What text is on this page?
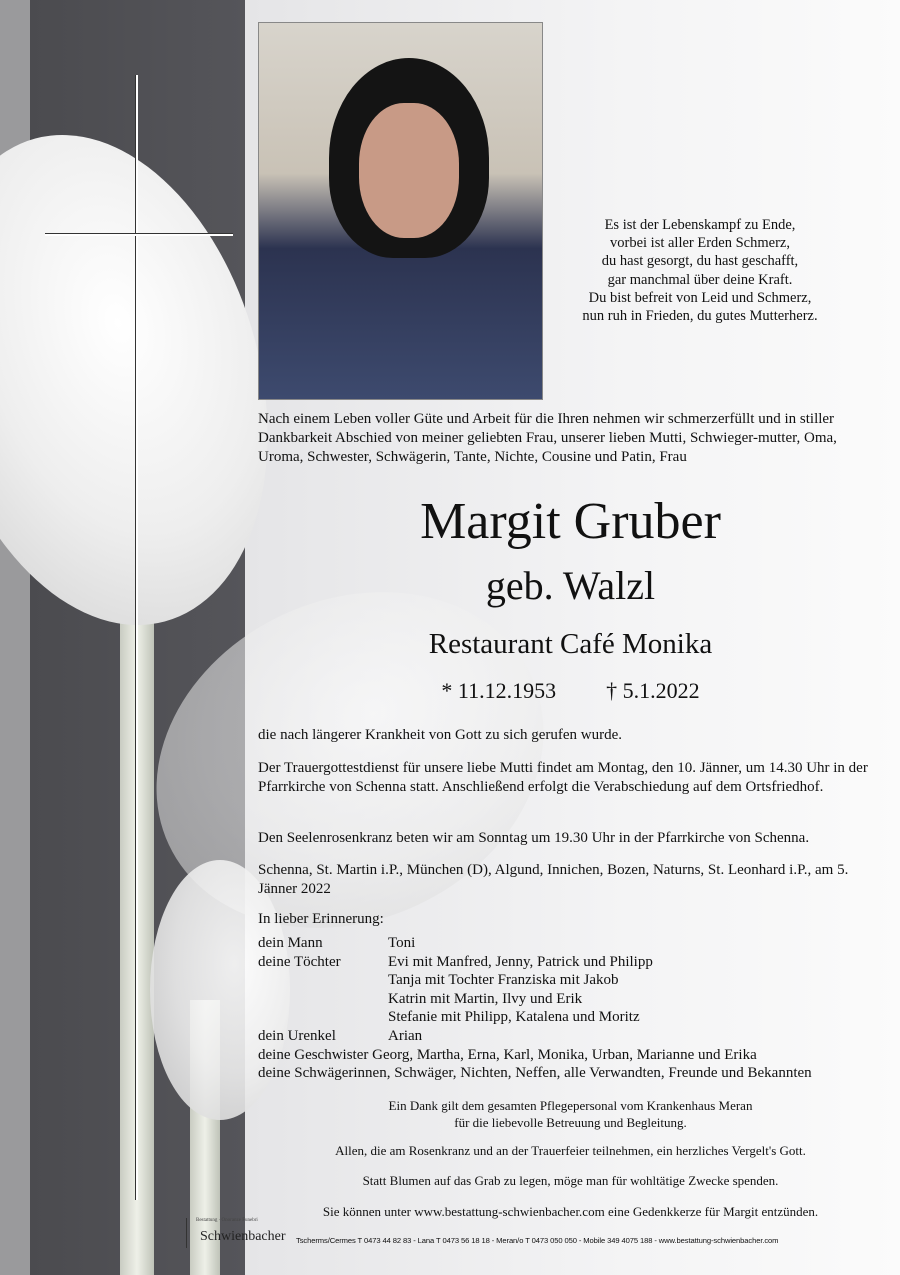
Es ist der Lebenskampf zu Ende,
vorbei ist aller Erden Schmerz,
du hast gesorgt, du hast geschafft,
gar manchmal über deine Kraft.
Du bist befreit von Leid und Schmerz,
nun ruh in Frieden, du gutes Mutterherz.
Nach einem Leben voller Güte und Arbeit für die Ihren nehmen wir schmerzerfüllt und in stiller Dankbarkeit Abschied von meiner geliebten Frau, unserer lieben Mutti, Schwieger-mutter, Oma, Uroma, Schwester, Schwägerin, Tante, Nichte, Cousine und Patin, Frau
Margit Gruber
geb. Walzl
Restaurant Café Monika
* 11.12.1953 † 5.1.2022
die nach längerer Krankheit von Gott zu sich gerufen wurde.
Der Trauergottestdienst für unsere liebe Mutti findet am Montag, den 10. Jänner, um 14.30 Uhr in der Pfarrkirche von Schenna statt. Anschließend erfolgt die Verabschiedung auf dem Ortsfriedhof.
Den Seelenrosenkranz beten wir am Sonntag um 19.30 Uhr in der Pfarrkirche von Schenna.
Schenna, St. Martin i.P., München (D), Algund, Innichen, Bozen, Naturns, St. Leonhard i.P., am 5. Jänner 2022
In lieber Erinnerung:
dein Mann	Toni
deine Töchter	Evi mit Manfred, Jenny, Patrick und Philipp
Tanja mit Tochter Franziska mit Jakob
Katrin mit Martin, Ilvy und Erik
Stefanie mit Philipp, Katalena und Moritz
dein Urenkel	Arian
deine Geschwister Georg, Martha, Erna, Karl, Monika, Urban, Marianne und Erika
deine Schwägerinnen, Schwäger, Nichten, Neffen, alle Verwandten, Freunde und Bekannten
Ein Dank gilt dem gesamten Pflegepersonal vom Krankenhaus Meran
für die liebevolle Betreuung und Begleitung.
Allen, die am Rosenkranz und an der Trauerfeier teilnehmen, ein herzliches Vergelt's Gott.
Statt Blumen auf das Grab zu legen, möge man für wohltätige Zwecke spenden.
Sie können unter www.bestattung-schwienbacher.com eine Gedenkkerze für Margit entzünden.
Bestattung · Onoranze Funebri
Schwienbacher	Tscherms/Cermes T 0473 44 82 83 - Lana T 0473 56 18 18 - Meran/o T 0473 050 050 - Mobile 349 4075 188 - www.bestattung-schwienbacher.com
